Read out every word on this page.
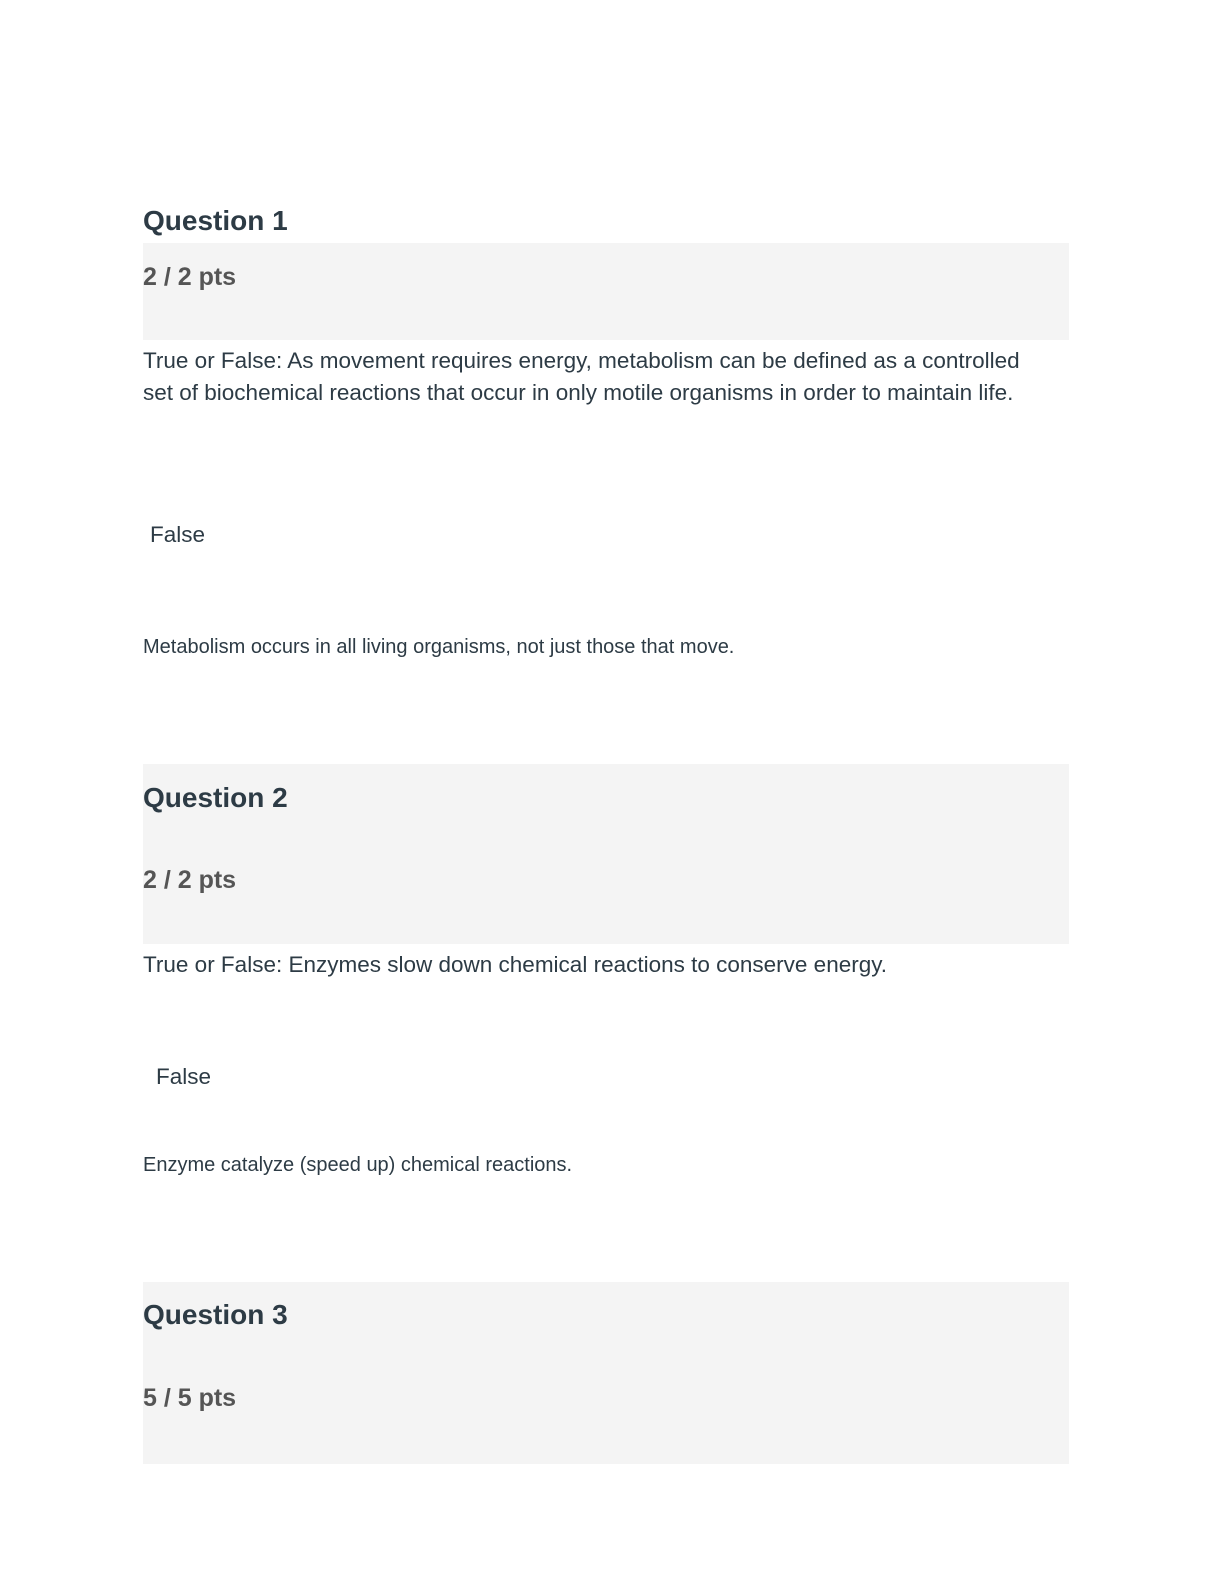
Question 1
2 / 2 pts
True or False: As movement requires energy, metabolism can be defined as a controlled set of biochemical reactions that occur in only motile organisms in order to maintain life.
False
Metabolism occurs in all living organisms, not just those that move.
Question 2
2 / 2 pts
True or False: Enzymes slow down chemical reactions to conserve energy.
False
Enzyme catalyze (speed up) chemical reactions.
Question 3
5 / 5 pts
